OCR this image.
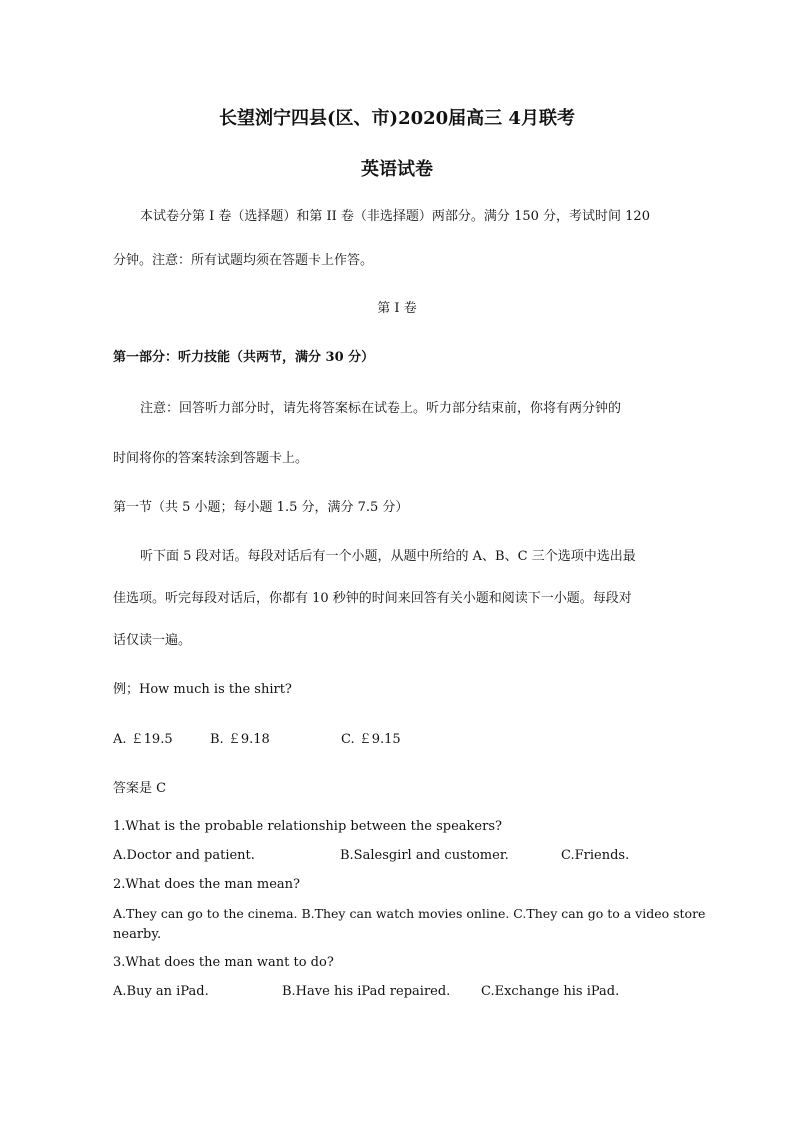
长望浏宁四县(区、市)2020届高三 4月联考
英语试卷
本试卷分第 I 卷（选择题）和第 II 卷（非选择题）两部分。满分 150 分，考试时间 120
分钟。注意：所有试题均须在答题卡上作答。
第 I 卷
第一部分：听力技能（共两节，满分 30 分）
注意：回答听力部分时，请先将答案标在试卷上。听力部分结束前，你将有两分钟的
时间将你的答案转涂到答题卡上。
第一节（共 5 小题；每小题 1.5 分，满分 7.5 分）
听下面 5 段对话。每段对话后有一个小题，从题中所给的 A、B、C 三个选项中选出最
佳选项。听完每段对话后，你都有 10 秒钟的时间来回答有关小题和阅读下一小题。每段对
话仅读一遍。
例；How much is the shirt?
A. ￡19.5	B. ￡9.18	C. ￡9.15
答案是 C
1.What is the probable relationship between the speakers?
A.Doctor and patient.	B.Salesgirl and customer.	C.Friends.
2.What does the man mean?
A.They can go to the cinema. B.They can watch movies online. C.They can go to a video store
nearby.
3.What does the man want to do?
A.Buy an iPad.	B.Have his iPad repaired. C.Exchange his iPad.
